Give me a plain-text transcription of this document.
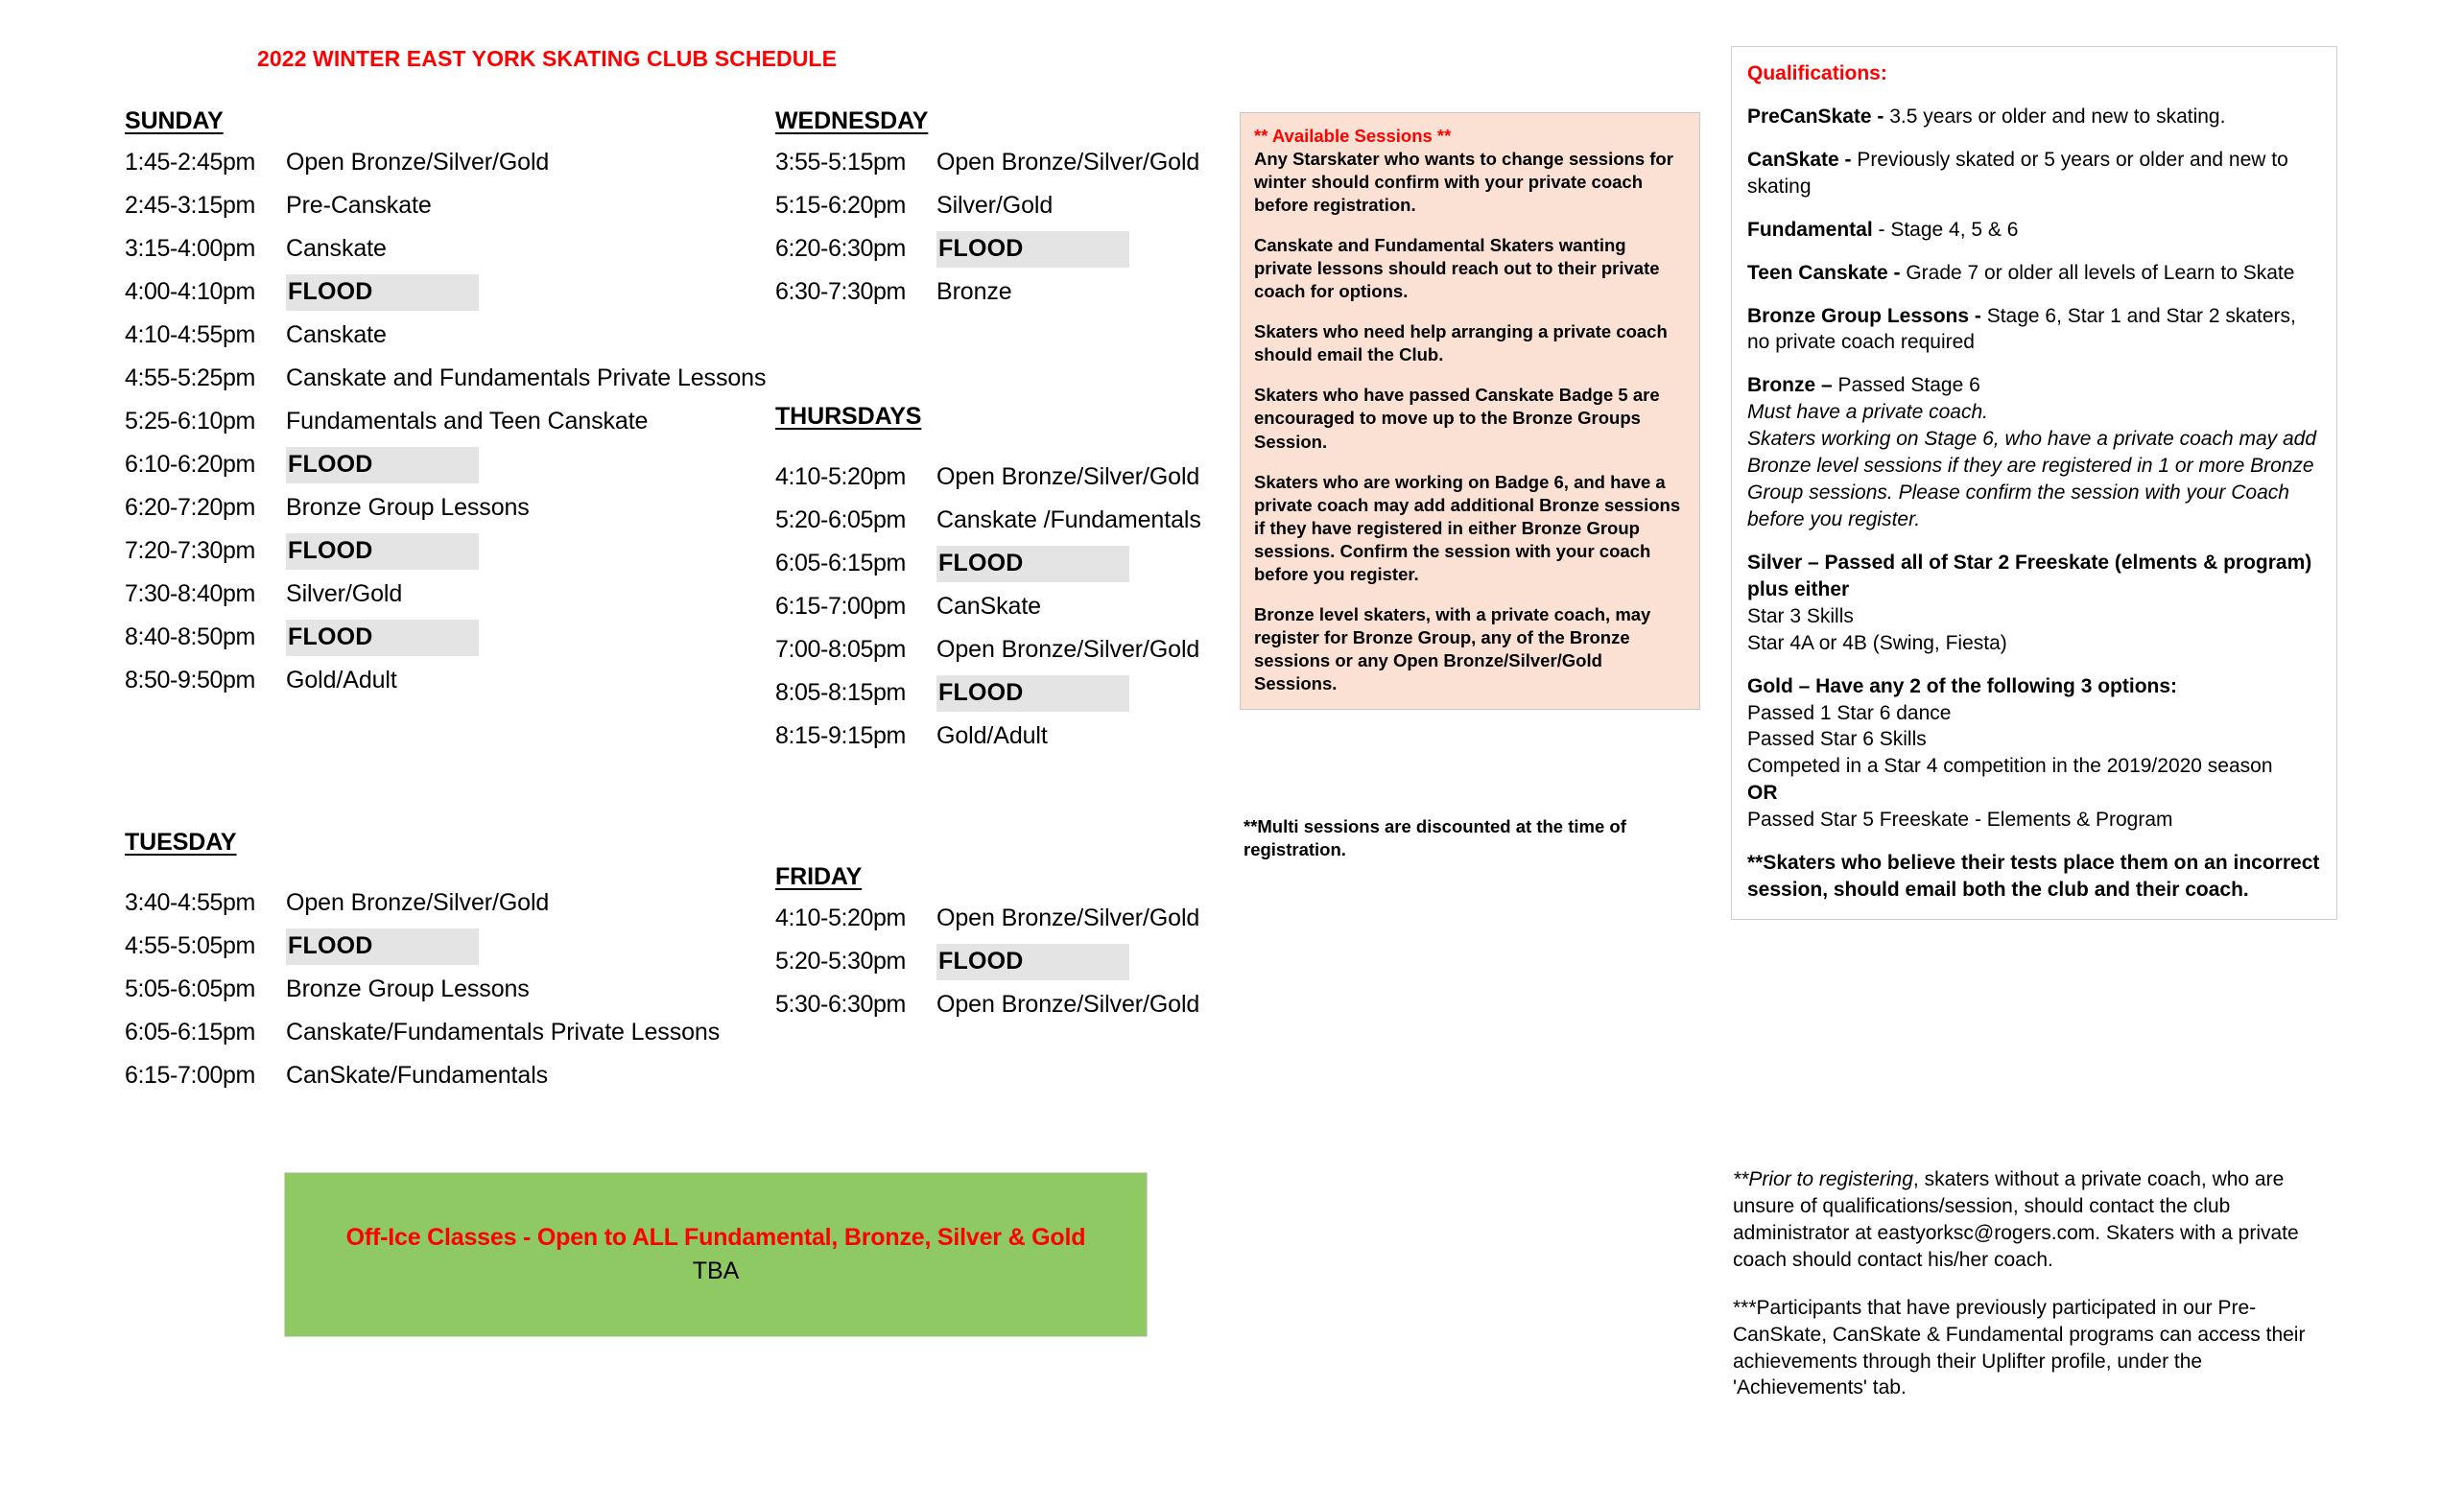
2022 WINTER EAST YORK SKATING CLUB SCHEDULE
SUNDAY
1:45-2:45pm	Open Bronze/Silver/Gold
2:45-3:15pm	Pre-Canskate
3:15-4:00pm	Canskate
4:00-4:10pm	FLOOD
4:10-4:55pm	Canskate
4:55-5:25pm	Canskate and Fundamentals Private Lessons
5:25-6:10pm	Fundamentals and Teen Canskate
6:10-6:20pm	FLOOD
6:20-7:20pm	Bronze Group Lessons
7:20-7:30pm	FLOOD
7:30-8:40pm	Silver/Gold
8:40-8:50pm	FLOOD
8:50-9:50pm	Gold/Adult
TUESDAY
3:40-4:55pm	Open Bronze/Silver/Gold
4:55-5:05pm	FLOOD
5:05-6:05pm	Bronze Group Lessons
6:05-6:15pm	Canskate/Fundamentals Private Lessons
6:15-7:00pm	CanSkate/Fundamentals
WEDNESDAY
3:55-5:15pm	Open Bronze/Silver/Gold
5:15-6:20pm	Silver/Gold
6:20-6:30pm	FLOOD
6:30-7:30pm	Bronze
THURSDAYS
4:10-5:20pm	Open Bronze/Silver/Gold
5:20-6:05pm	Canskate /Fundamentals
6:05-6:15pm	FLOOD
6:15-7:00pm	CanSkate
7:00-8:05pm	Open Bronze/Silver/Gold
8:05-8:15pm	FLOOD
8:15-9:15pm	Gold/Adult
FRIDAY
4:10-5:20pm	Open Bronze/Silver/Gold
5:20-5:30pm	FLOOD
5:30-6:30pm	Open Bronze/Silver/Gold

** Available Sessions **

Any Starskater who wants to change sessions for winter should confirm with your private coach before registration.

Canskate and Fundamental Skaters wanting private lessons should reach out to their private coach for options.

Skaters who need help arranging a private coach should email the Club.

Skaters who have passed Canskate Badge 5 are encouraged to move up to the Bronze Groups Session.

Skaters who are working on Badge 6, and have a private coach may add additional Bronze sessions if they have registered in either Bronze Group sessions. Confirm the session with your coach before you register.

Bronze level skaters, with a private coach, may register for Bronze Group, any of the Bronze sessions or any Open Bronze/Silver/Gold Sessions.

**Multi sessions are discounted at the time of registration.
Off-Ice Classes - Open to ALL Fundamental, Bronze, Silver & Gold
TBA
Qualifications:
PreCanSkate - 3.5 years or older and new to skating.
CanSkate - Previously skated or 5 years or older and new to skating
Fundamental - Stage 4, 5 & 6
Teen Canskate - Grade 7 or older all levels of Learn to Skate
Bronze Group Lessons - Stage 6, Star 1 and Star 2 skaters, no private coach required
Bronze – Passed Stage 6
Must have a private coach.
Skaters working on Stage 6, who have a private coach may add Bronze level sessions if they are registered in 1 or more Bronze Group sessions. Please confirm the session with your Coach before you register.
Silver – Passed all of Star 2 Freeskate (elments & program) plus either
Star 3 Skills
Star 4A or 4B (Swing, Fiesta)
Gold – Have any 2 of the following 3 options:
Passed 1 Star 6 dance
Passed Star 6 Skills
Competed in a Star 4 competition in the 2019/2020 season
OR
Passed Star 5 Freeskate - Elements & Program
**Skaters who believe their tests place them on an incorrect session, should email both the club and their coach.

**Prior to registering, skaters without a private coach, who are unsure of qualifications/session, should contact the club administrator at eastyorksc@rogers.com. Skaters with a private coach should contact his/her coach.

***Participants that have previously participated in our Pre-CanSkate, CanSkate & Fundamental programs can access their achievements through their Uplifter profile, under the 'Achievements' tab.
